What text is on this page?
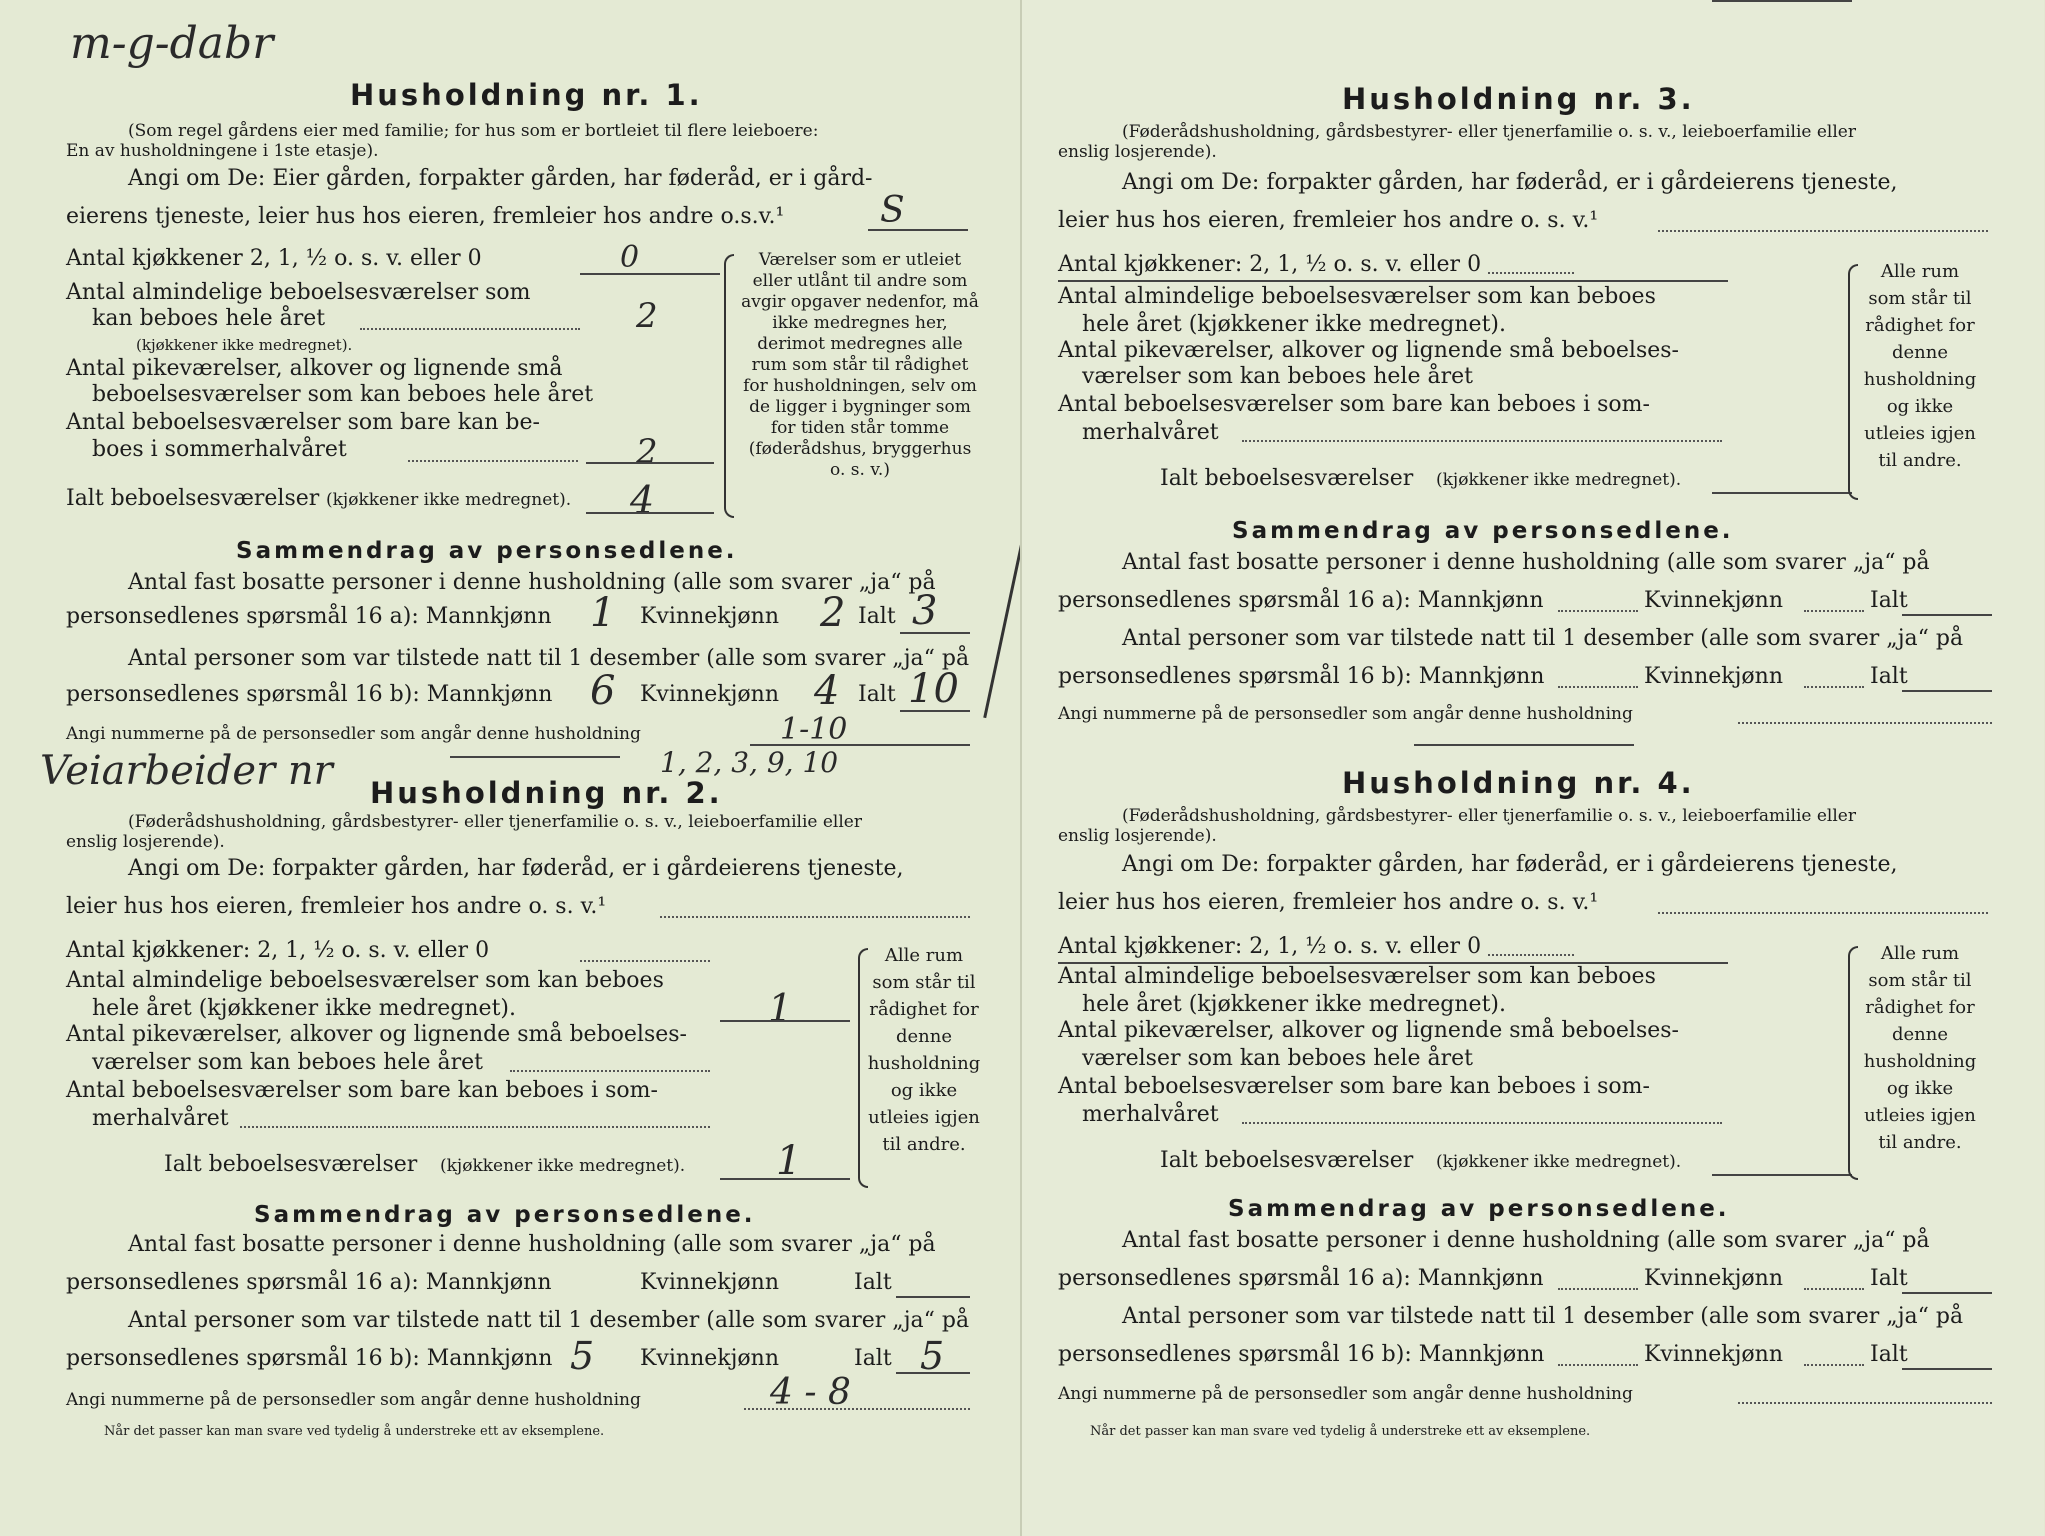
m-g-dabr
Husholdning nr. 1.
(Som regel gårdens eier med familie; for hus som er bortleiet til flere leieboere:
En av husholdningene i 1ste etasje).
Angi om De: Eier gården, forpakter gården, har føderåd, er i gård-
eierens tjeneste, leier hus hos eieren, fremleier hos andre o.s.v.¹	S
Antal kjøkkener 2, 1, ½ o. s. v. eller 0	0
Antal almindelige beboelsesværelser som
kan beboes hele året	2
(kjøkkener ikke medregnet).
Antal pikeværelser, alkover og lignende små
beboelsesværelser som kan beboes hele året
Antal beboelsesværelser som bare kan be-
boes i sommerhalvåret	2
Ialt beboelsesværelser (kjøkkener ikke medregnet). 4
Værelser som er utleiet eller utlånt til andre som avgir opgaver nedenfor, må ikke medregnes her, derimot medregnes alle rum som står til rådighet for husholdningen, selv om de ligger i bygninger som for tiden står tomme (føderådshus, bryggerhus o. s. v.)
Sammendrag av personsedlene.
Antal fast bosatte personer i denne husholdning (alle som svarer „ja“ på
personsedlenes spørsmål 16 a): Mannkjønn 1 Kvinnekjønn 2 Ialt 3
Antal personer som var tilstede natt til 1 desember (alle som svarer „ja“ på
personsedlenes spørsmål 16 b): Mannkjønn 6 Kvinnekjønn 4 Ialt 10
Angi nummerne på de personsedler som angår denne husholdning	1-10
Veiarbeider nr	1, 2, 3, 9, 10
Husholdning nr. 2.
(Føderådshusholdning, gårdsbestyrer- eller tjenerfamilie o. s. v., leieboerfamilie eller
enslig losjerende).
Angi om De: forpakter gården, har føderåd, er i gårdeierens tjeneste,
leier hus hos eieren, fremleier hos andre o. s. v.¹
Antal kjøkkener: 2, 1, ½ o. s. v. eller 0
Antal almindelige beboelsesværelser som kan beboes
hele året (kjøkkener ikke medregnet).	1
Antal pikeværelser, alkover og lignende små beboelses-
værelser som kan beboes hele året
Antal beboelsesværelser som bare kan beboes i som-
merhalvåret
Ialt beboelsesværelser (kjøkkener ikke medregnet). 1
Alle rum som står til rådighet for denne husholdning og ikke utleies igjen til andre.
Sammendrag av personsedlene.
Antal fast bosatte personer i denne husholdning (alle som svarer „ja“ på
personsedlenes spørsmål 16 a): Mannkjønn	Kvinnekjønn	Ialt
Antal personer som var tilstede natt til 1 desember (alle som svarer „ja“ på
personsedlenes spørsmål 16 b): Mannkjønn 5 Kvinnekjønn	Ialt 5
Angi nummerne på de personsedler som angår denne husholdning	4 - 8
Når det passer kan man svare ved tydelig å understreke ett av eksemplene.
Husholdning nr. 3.
(Føderådshusholdning, gårdsbestyrer- eller tjenerfamilie o. s. v., leieboerfamilie eller
enslig losjerende).
Angi om De: forpakter gården, har føderåd, er i gårdeierens tjeneste,
leier hus hos eieren, fremleier hos andre o. s. v.¹
Antal kjøkkener: 2, 1, ½ o. s. v. eller 0
Antal almindelige beboelsesværelser som kan beboes
hele året (kjøkkener ikke medregnet).
Antal pikeværelser, alkover og lignende små beboelses-
værelser som kan beboes hele året
Antal beboelsesværelser som bare kan beboes i som-
merhalvåret
Ialt beboelsesværelser (kjøkkener ikke medregnet).
Alle rum som står til rådighet for denne husholdning og ikke utleies igjen til andre.
Sammendrag av personsedlene.
Antal fast bosatte personer i denne husholdning (alle som svarer „ja“ på
personsedlenes spørsmål 16 a): Mannkjønn	Kvinnekjønn	Ialt
Antal personer som var tilstede natt til 1 desember (alle som svarer „ja“ på
personsedlenes spørsmål 16 b): Mannkjønn	Kvinnekjønn	Ialt
Angi nummerne på de personsedler som angår denne husholdning
Husholdning nr. 4.
(Føderådshusholdning, gårdsbestyrer- eller tjenerfamilie o. s. v., leieboerfamilie eller
enslig losjerende).
Angi om De: forpakter gården, har føderåd, er i gårdeierens tjeneste,
leier hus hos eieren, fremleier hos andre o. s. v.¹
Antal kjøkkener: 2, 1, ½ o. s. v. eller 0
Antal almindelige beboelsesværelser som kan beboes
hele året (kjøkkener ikke medregnet).
Antal pikeværelser, alkover og lignende små beboelses-
værelser som kan beboes hele året
Antal beboelsesværelser som bare kan beboes i som-
merhalvåret
Ialt beboelsesværelser (kjøkkener ikke medregnet).
Alle rum som står til rådighet for denne husholdning og ikke utleies igjen til andre.
Sammendrag av personsedlene.
Antal fast bosatte personer i denne husholdning (alle som svarer „ja“ på
personsedlenes spørsmål 16 a): Mannkjønn	Kvinnekjønn	Ialt
Antal personer som var tilstede natt til 1 desember (alle som svarer „ja“ på
personsedlenes spørsmål 16 b): Mannkjønn	Kvinnekjønn	Ialt
Angi nummerne på de personsedler som angår denne husholdning
Når det passer kan man svare ved tydelig å understreke ett av eksemplene.
